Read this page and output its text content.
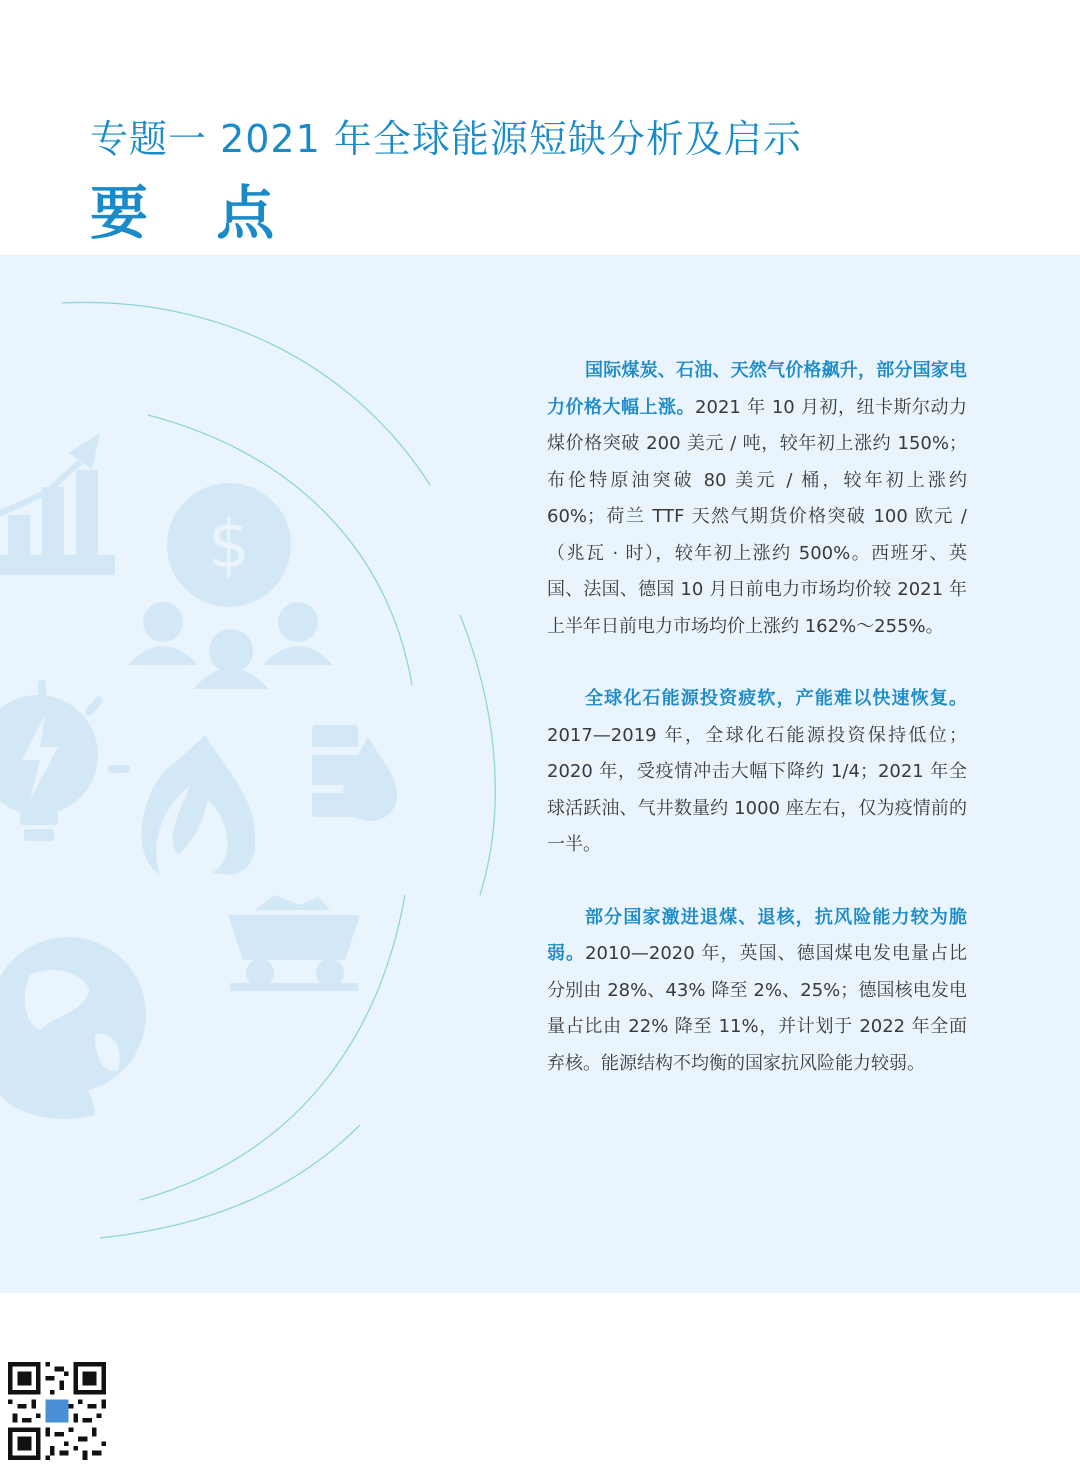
专题一 2021 年全球能源短缺分析及启示
要 点
$

国际煤炭、石油、天然气价格飙升，部分国家电力价格大幅上涨。2021 年 10 月初，纽卡斯尔动力煤价格突破 200 美元 / 吨，较年初上涨约 150%；布伦特原油突破 80 美元 / 桶，较年初上涨约 60%；荷兰 TTF 天然气期货价格突破 100 欧元 /（兆瓦 · 时），较年初上涨约 500%。西班牙、英国、法国、德国 10 月日前电力市场均价较 2021 年上半年日前电力市场均价上涨约 162%～255%。

全球化石能源投资疲软，产能难以快速恢复。2017—2019 年，全球化石能源投资保持低位；2020 年，受疫情冲击大幅下降约 1/4；2021 年全球活跃油、气井数量约 1000 座左右，仅为疫情前的一半。

部分国家激进退煤、退核，抗风险能力较为脆弱。2010—2020 年，英国、德国煤电发电量占比分别由 28%、43% 降至 2%、25%；德国核电发电量占比由 22% 降至 11%，并计划于 2022 年全面弃核。能源结构不均衡的国家抗风险能力较弱。
